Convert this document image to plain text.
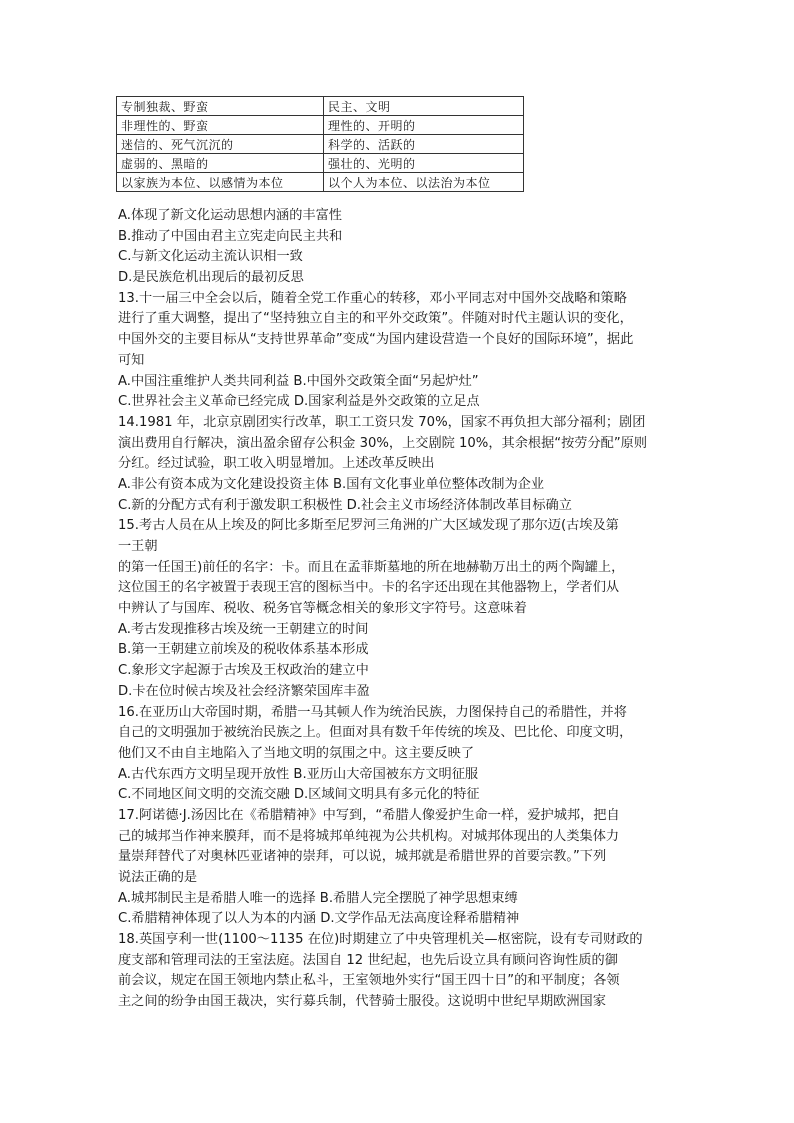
专制独裁、野蛮	民主、文明
非理性的、野蛮	理性的、开明的
迷信的、死气沉沉的	科学的、活跃的
虚弱的、黑暗的	强壮的、光明的
以家族为本位、以感情为本位	以个人为本位、以法治为本位
A.体现了新文化运动思想内涵的丰富性
B.推动了中国由君主立宪走向民主共和
C.与新文化运动主流认识相一致
D.是民族危机出现后的最初反思
13.十一届三中全会以后，随着全党工作重心的转移，邓小平同志对中国外交战略和策略
进行了重大调整，提出了“坚持独立自主的和平外交政策”。伴随对时代主题认识的变化，
中国外交的主要目标从“支持世界革命”变成“为国内建设营造一个良好的国际环境”，据此
可知
A.中国注重维护人类共同利益 B.中国外交政策全面“另起炉灶”
C.世界社会主义革命已经完成 D.国家利益是外交政策的立足点
14.1981 年，北京京剧团实行改革，职工工资只发 70%，国家不再负担大部分福利；剧团
演出费用自行解决，演出盈余留存公积金 30%，上交剧院 10%，其余根据“按劳分配”原则
分红。经过试验，职工收入明显增加。上述改革反映出
A.非公有资本成为文化建设投资主体 B.国有文化事业单位整体改制为企业
C.新的分配方式有利于激发职工积极性 D.社会主义市场经济体制改革目标确立
15.考古人员在从上埃及的阿比多斯至尼罗河三角洲的广大区域发现了那尔迈(古埃及第
一王朝
的第一任国王)前任的名字：卡。而且在孟菲斯墓地的所在地赫勒万出土的两个陶罐上，
这位国王的名字被置于表现王宫的图标当中。卡的名字还出现在其他器物上，学者们从
中辨认了与国库、税收、税务官等概念相关的象形文字符号。这意味着
A.考古发现推移古埃及统一王朝建立的时间
B.第一王朝建立前埃及的税收体系基本形成
C.象形文字起源于古埃及王权政治的建立中
D.卡在位时候古埃及社会经济繁荣国库丰盈
16.在亚历山大帝国时期，希腊一马其顿人作为统治民族，力图保持自己的希腊性，并将
自己的文明强加于被统治民族之上。但面对具有数千年传统的埃及、巴比伦、印度文明，
他们又不由自主地陷入了当地文明的氛围之中。这主要反映了
A.古代东西方文明呈现开放性 B.亚历山大帝国被东方文明征服
C.不同地区间文明的交流交融 D.区域间文明具有多元化的特征
17.阿诺德·J.汤因比在《希腊精神》中写到，“希腊人像爱护生命一样，爱护城邦，把自
己的城邦当作神来膜拜，而不是将城邦单纯视为公共机构。对城邦体现出的人类集体力
量崇拜替代了对奥林匹亚诸神的崇拜，可以说，城邦就是希腊世界的首要宗教。”下列
说法正确的是
A.城邦制民主是希腊人唯一的选择 B.希腊人完全摆脱了神学思想束缚
C.希腊精神体现了以人为本的内涵 D.文学作品无法高度诠释希腊精神
18.英国亨利一世(1100～1135 在位)时期建立了中央管理机关—枢密院，设有专司财政的
度支部和管理司法的王室法庭。法国自 12 世纪起，也先后设立具有顾问咨询性质的御
前会议，规定在国王领地内禁止私斗，王室领地外实行“国王四十日”的和平制度；各领
主之间的纷争由国王裁决，实行募兵制，代替骑士服役。这说明中世纪早期欧洲国家
